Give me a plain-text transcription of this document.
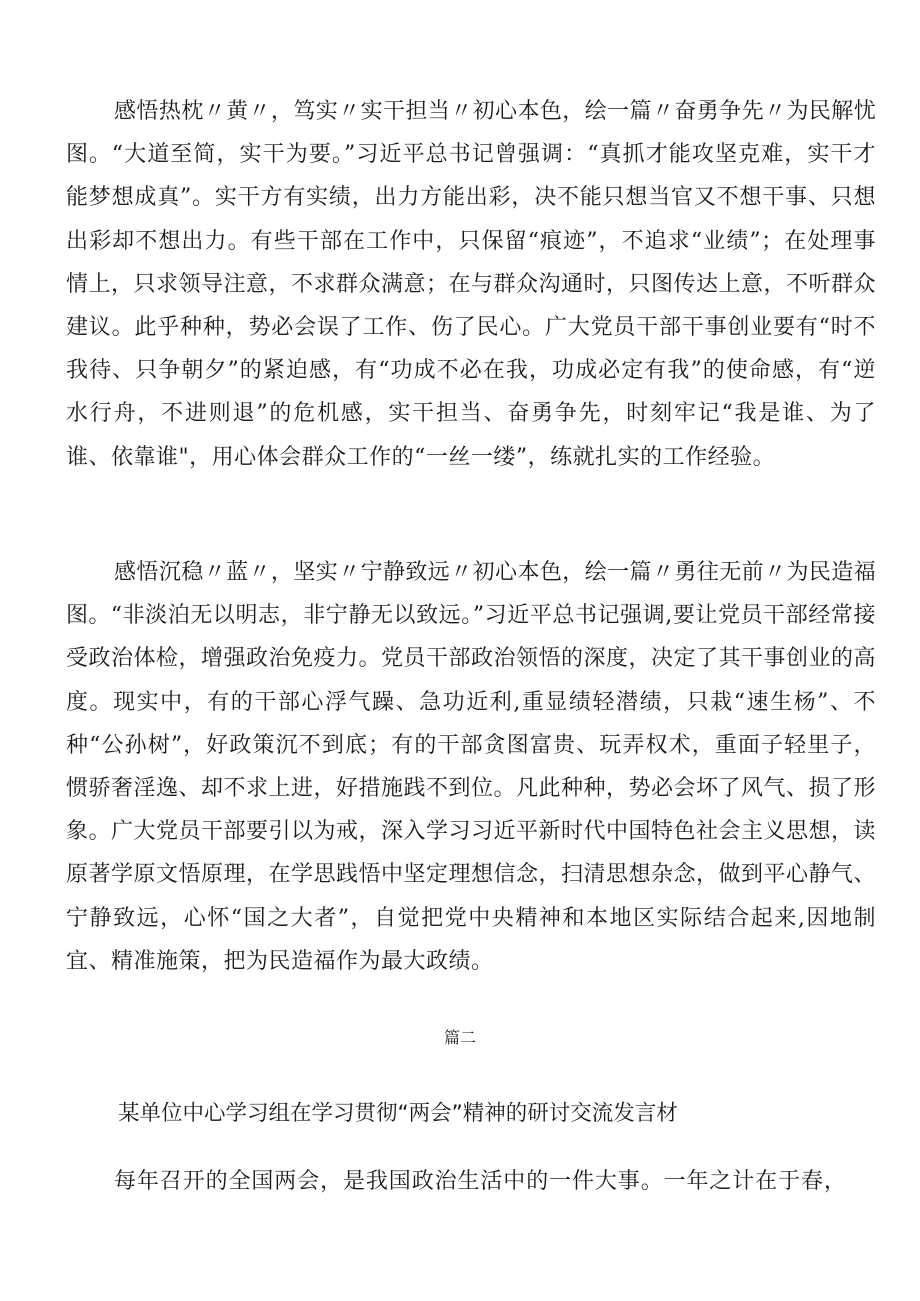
感悟热枕〃黄〃，笃实〃实干担当〃初心本色，绘一篇〃奋勇争先〃为民解忧图。“大道至简，实干为要。”习近平总书记曾强调：“真抓才能攻坚克难，实干才能梦想成真”。实干方有实绩，出力方能出彩，决不能只想当官又不想干事、只想出彩却不想出力。有些干部在工作中，只保留“痕迹”，不追求“业绩”；在处理事情上，只求领导注意，不求群众满意；在与群众沟通时，只图传达上意，不听群众建议。此乎种种，势必会误了工作、伤了民心。广大党员干部干事创业要有“时不我待、只争朝夕”的紧迫感，有“功成不必在我，功成必定有我”的使命感，有“逆水行舟，不进则退”的危机感，实干担当、奋勇争先，时刻牢记“我是谁、为了谁、依靠谁"，用心体会群众工作的“一丝一缕”，练就扎实的工作经验。

感悟沉稳〃蓝〃，坚实〃宁静致远〃初心本色，绘一篇〃勇往无前〃为民造福图。“非淡泊无以明志，非宁静无以致远。”习近平总书记强调,要让党员干部经常接受政治体检，增强政治免疫力。党员干部政治领悟的深度，决定了其干事创业的高度。现实中，有的干部心浮气躁、急功近利,重显绩轻潜绩，只栽“速生杨”、不种“公孙树”，好政策沉不到底；有的干部贪图富贵、玩弄权术，重面子轻里子，惯骄奢淫逸、却不求上进，好措施践不到位。凡此种种，势必会坏了风气、损了形象。广大党员干部要引以为戒，深入学习习近平新时代中国特色社会主义思想，读原著学原文悟原理，在学思践悟中坚定理想信念，扫清思想杂念，做到平心静气、宁静致远，心怀“国之大者”，自觉把党中央精神和本地区实际结合起来,因地制宜、精准施策，把为民造福作为最大政绩。

篇二

某单位中心学习组在学习贯彻“两会”精神的研讨交流发言材

每年召开的全国两会，是我国政治生活中的一件大事。一年之计在于春，
